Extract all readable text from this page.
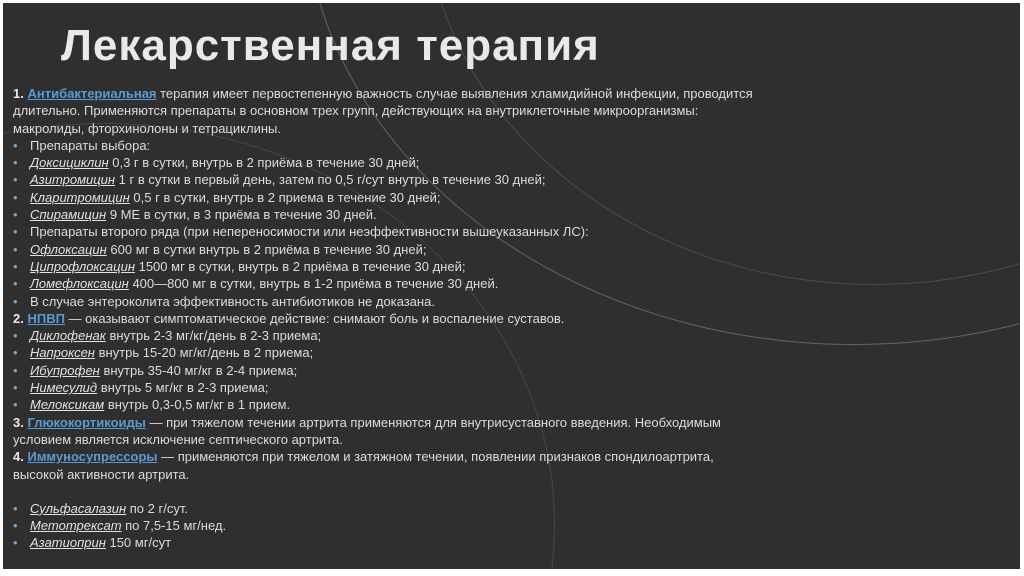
Лекарственная терапия
1. Антибактериальная терапия имеет первостепенную важность случае выявления хламидийной инфекции, проводится
длительно. Применяются препараты в основном трех групп, действующих на внутриклеточные микроорганизмы:
макролиды, фторхинолоны и тетрациклины.
• Препараты выбора:
• Доксициклин 0,3 г в сутки, внутрь в 2 приёма в течение 30 дней;
• Азитромицин 1 г в сутки в первый день, затем по 0,5 г/сут внутрь в течение 30 дней;
• Кларитромицин 0,5 г в сутки, внутрь в 2 приема в течение 30 дней;
• Спирамицин 9 МЕ в сутки, в 3 приёма в течение 30 дней.
• Препараты второго ряда (при непереносимости или неэффективности вышеуказанных ЛС):
• Офлоксацин 600 мг в сутки внутрь в 2 приёма в течение 30 дней;
• Ципрофлоксацин 1500 мг в сутки, внутрь в 2 приёма в течение 30 дней;
• Ломефлоксацин 400—800 мг в сутки, внутрь в 1-2 приёма в течение 30 дней.
• В случае энтероколита эффективность антибиотиков не доказана.
2. НПВП — оказывают симптоматическое действие: снимают боль и воспаление суставов.
• Диклофенак внутрь 2-3 мг/кг/день в 2-3 приема;
• Напроксен внутрь 15-20 мг/кг/день в 2 приема;
• Ибупрофен внутрь 35-40 мг/кг в 2-4 приема;
• Нимесулид внутрь 5 мг/кг в 2-3 приема;
• Мелоксикам внутрь 0,3-0,5 мг/кг в 1 прием.
3. Глюкокортикоиды — при тяжелом течении артрита применяются для внутрисуставного введения. Необходимым
условием является исключение септического артрита.
4. Иммуносупрессоры — применяются при тяжелом и затяжном течении, появлении признаков спондилоартрита,
высокой активности артрита.
• Сульфасалазин по 2 г/сут.
• Метотрексат по 7,5-15 мг/нед.
• Азатиоприн 150 мг/сут
